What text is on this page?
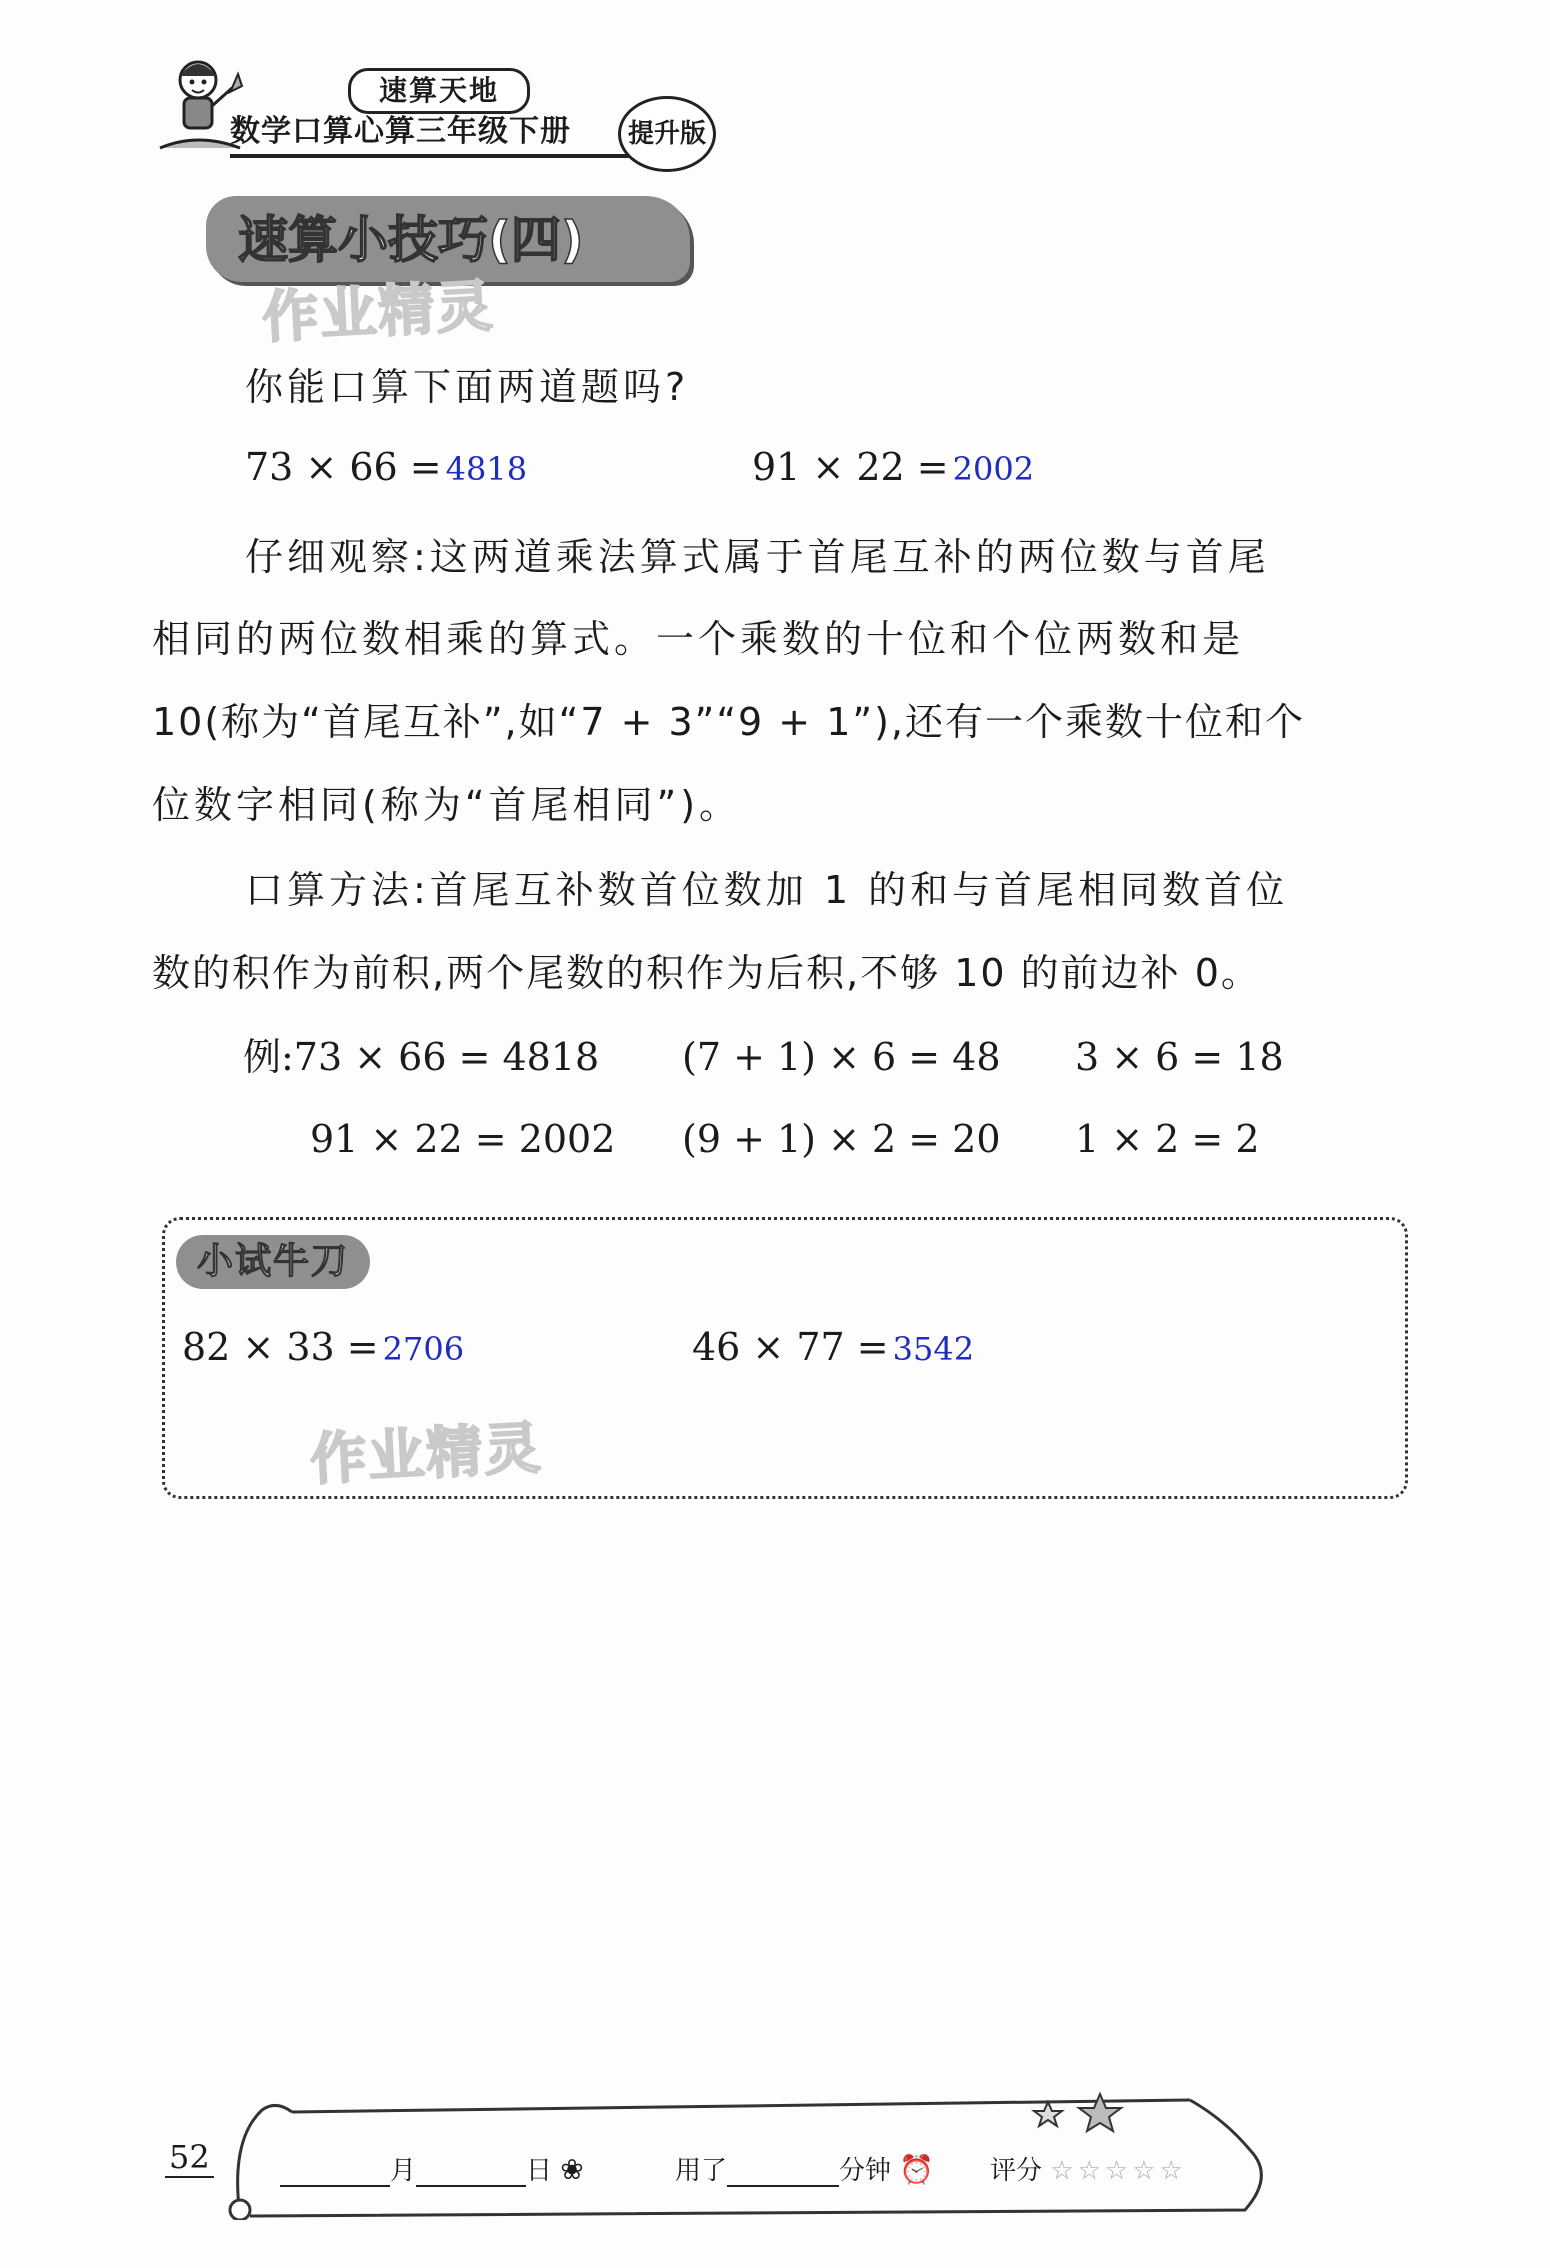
速算天地
数学口算心算三年级下册	提升版
速算小技巧(四)
作业精灵
你能口算下面两道题吗?
73 × 66 = 4818	91 × 22 = 2002
仔细观察:这两道乘法算式属于首尾互补的两位数与首尾
相同的两位数相乘的算式。一个乘数的十位和个位两数和是
10(称为“首尾互补”,如“7 + 3”“9 + 1”),还有一个乘数十位和个
位数字相同(称为“首尾相同”)。
口算方法:首尾互补数首位数加 1 的和与首尾相同数首位
数的积作为前积,两个尾数的积作为后积,不够 10 的前边补 0。
例:73 × 66 = 4818 (7 + 1) × 6 = 48 3 × 6 = 18
91 × 22 = 2002 (9 + 1) × 2 = 20 1 × 2 = 2
小试牛刀
82 × 33 = 2706	46 × 77 = 3542
作业精灵
52	月	日 ❀	用了	分钟 ⏰ 评分 ☆☆☆☆☆
